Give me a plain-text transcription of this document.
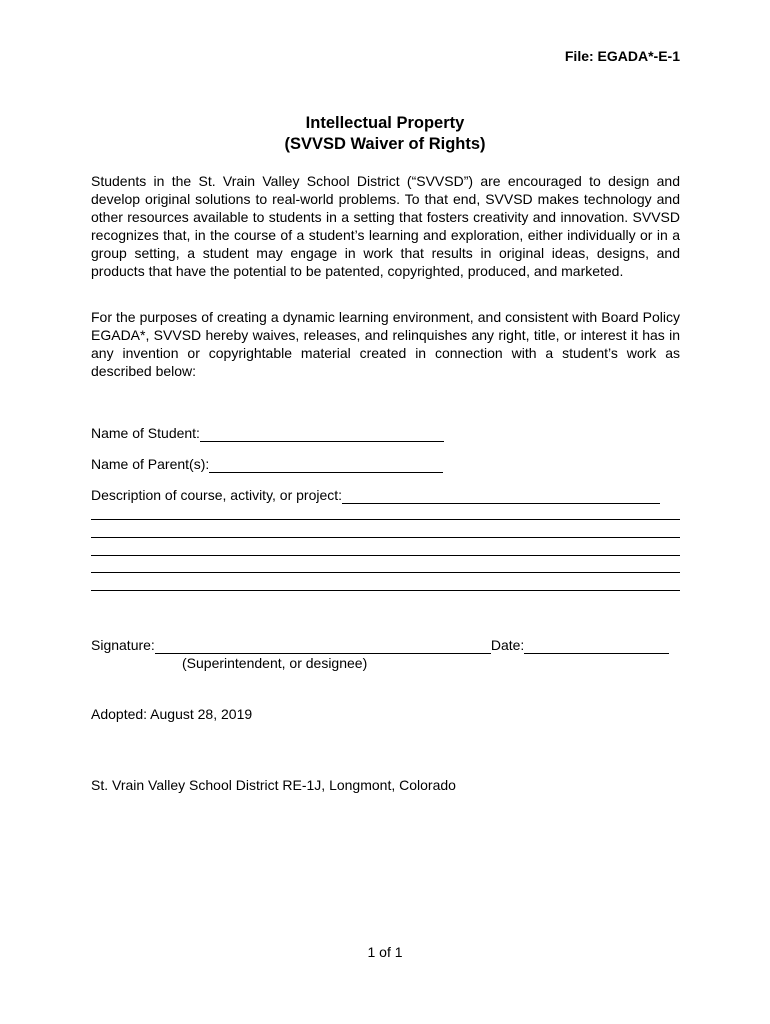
File: EGADA*-E-1
Intellectual Property
(SVVSD Waiver of Rights)

Students in the St. Vrain Valley School District (“SVVSD”) are encouraged to design and develop original solutions to real-world problems. To that end, SVVSD makes technology and other resources available to students in a setting that fosters creativity and innovation. SVVSD recognizes that, in the course of a student’s learning and exploration, either individually or in a group setting, a student may engage in work that results in original ideas, designs, and products that have the potential to be patented, copyrighted, produced, and marketed.

For the purposes of creating a dynamic learning environment, and consistent with Board Policy EGADA*, SVVSD hereby waives, releases, and relinquishes any right, title, or interest it has in any invention or copyrightable material created in connection with a student’s work as described below:

Name of Student:
Name of Parent(s):
Description of course, activity, or project:
Signature:	Date:
(Superintendent, or designee)
Adopted: August 28, 2019
St. Vrain Valley School District RE-1J, Longmont, Colorado
1 of 1
